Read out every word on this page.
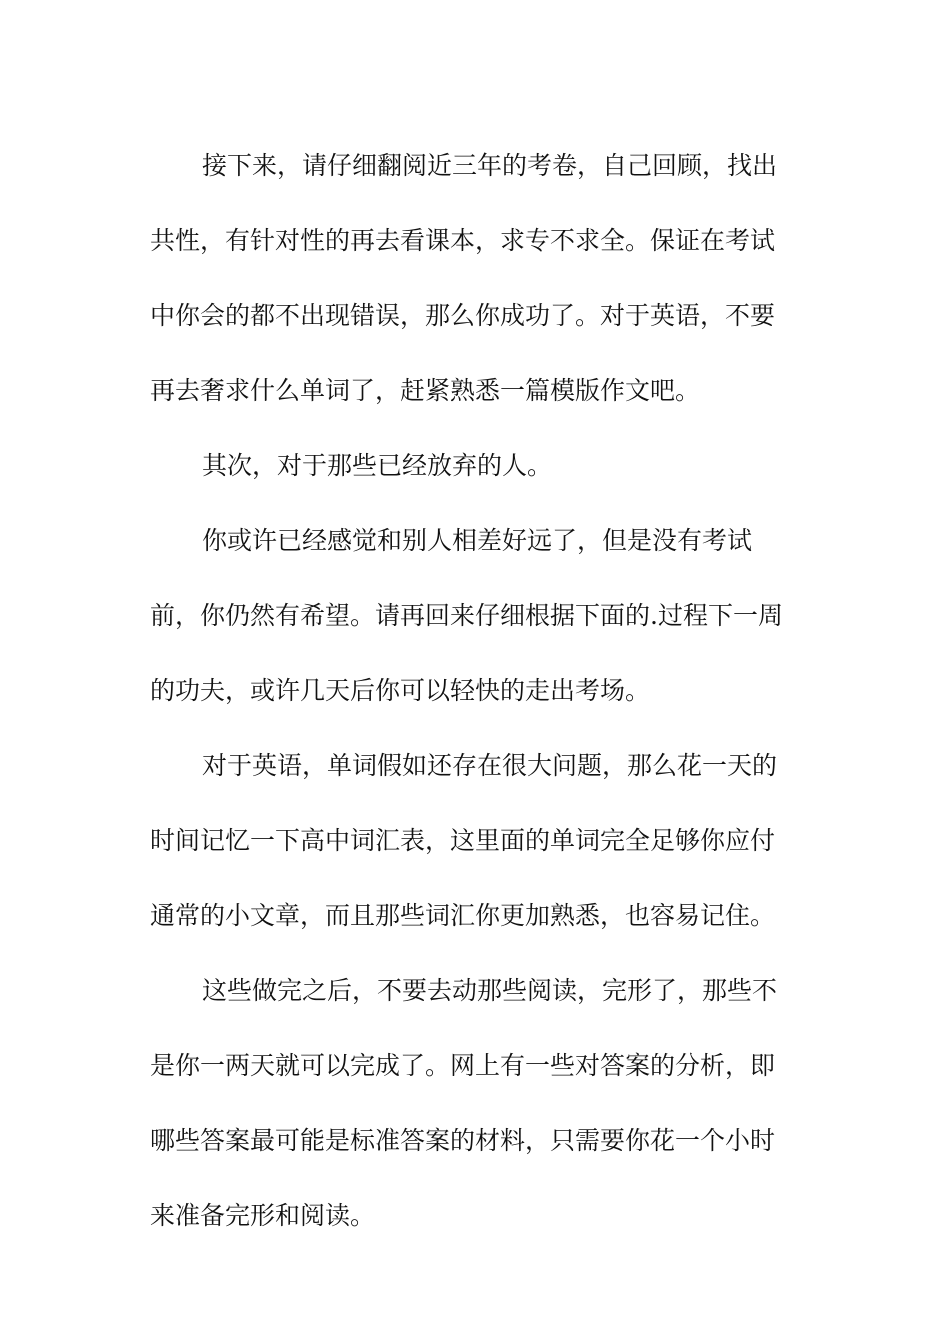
接下来，请仔细翻阅近三年的考卷，自己回顾，找出
共性，有针对性的再去看课本，求专不求全。保证在考试
中你会的都不出现错误，那么你成功了。对于英语，不要
再去奢求什么单词了，赶紧熟悉一篇模版作文吧。
其次，对于那些已经放弃的人。
你或许已经感觉和别人相差好远了，但是没有考试
前，你仍然有希望。请再回来仔细根据下面的.过程下一周
的功夫，或许几天后你可以轻快的走出考场。
对于英语，单词假如还存在很大问题，那么花一天的
时间记忆一下高中词汇表，这里面的单词完全足够你应付
通常的小文章，而且那些词汇你更加熟悉，也容易记住。
这些做完之后，不要去动那些阅读，完形了，那些不
是你一两天就可以完成了。网上有一些对答案的分析，即
哪些答案最可能是标准答案的材料，只需要你花一个小时
来准备完形和阅读。
